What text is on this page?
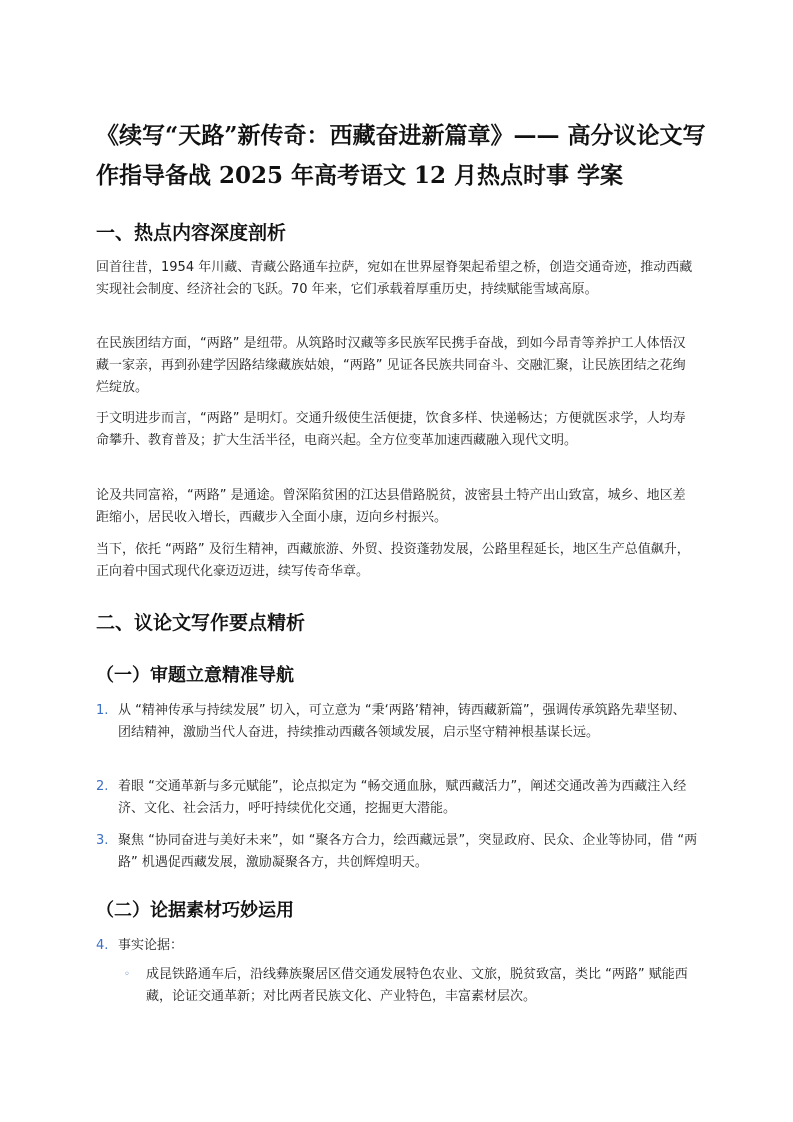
《续写“天路”新传奇：西藏奋进新篇章》—— 高分议论文写作指导备战 2025 年高考语文 12 月热点时事 学案
一、热点内容深度剖析

回首往昔，1954 年川藏、青藏公路通车拉萨，宛如在世界屋脊架起希望之桥，创造交通奇迹，推动西藏实现社会制度、经济社会的飞跃。70 年来，它们承载着厚重历史，持续赋能雪域高原。

在民族团结方面，“两路” 是纽带。从筑路时汉藏等多民族军民携手奋战，到如今昂青等养护工人体悟汉藏一家亲，再到孙建学因路结缘藏族姑娘，“两路” 见证各民族共同奋斗、交融汇聚，让民族团结之花绚烂绽放。

于文明进步而言，“两路” 是明灯。交通升级使生活便捷，饮食多样、快递畅达；方便就医求学，人均寿命攀升、教育普及；扩大生活半径，电商兴起。全方位变革加速西藏融入现代文明。

论及共同富裕，“两路” 是通途。曾深陷贫困的江达县借路脱贫，波密县土特产出山致富，城乡、地区差距缩小，居民收入增长，西藏步入全面小康，迈向乡村振兴。

当下，依托 “两路” 及衍生精神，西藏旅游、外贸、投资蓬勃发展，公路里程延长，地区生产总值飙升，正向着中国式现代化豪迈迈进，续写传奇华章。

二、议论文写作要点精析
（一）审题立意精准导航
1. 从 “精神传承与持续发展” 切入，可立意为 “秉‘两路’精神，铸西藏新篇”，强调传承筑路先辈坚韧、团结精神，激励当代人奋进，持续推动西藏各领域发展，启示坚守精神根基谋长远。
2. 着眼 “交通革新与多元赋能”，论点拟定为 “畅交通血脉，赋西藏活力”，阐述交通改善为西藏注入经济、文化、社会活力，呼吁持续优化交通，挖掘更大潜能。
3. 聚焦 “协同奋进与美好未来”，如 “聚各方合力，绘西藏远景”，突显政府、民众、企业等协同，借 “两路” 机遇促西藏发展，激励凝聚各方，共创辉煌明天。
（二）论据素材巧妙运用
4. 事实论据：
◦ 成昆铁路通车后，沿线彝族聚居区借交通发展特色农业、文旅，脱贫致富，类比 “两路” 赋能西藏，论证交通革新；对比两者民族文化、产业特色，丰富素材层次。
